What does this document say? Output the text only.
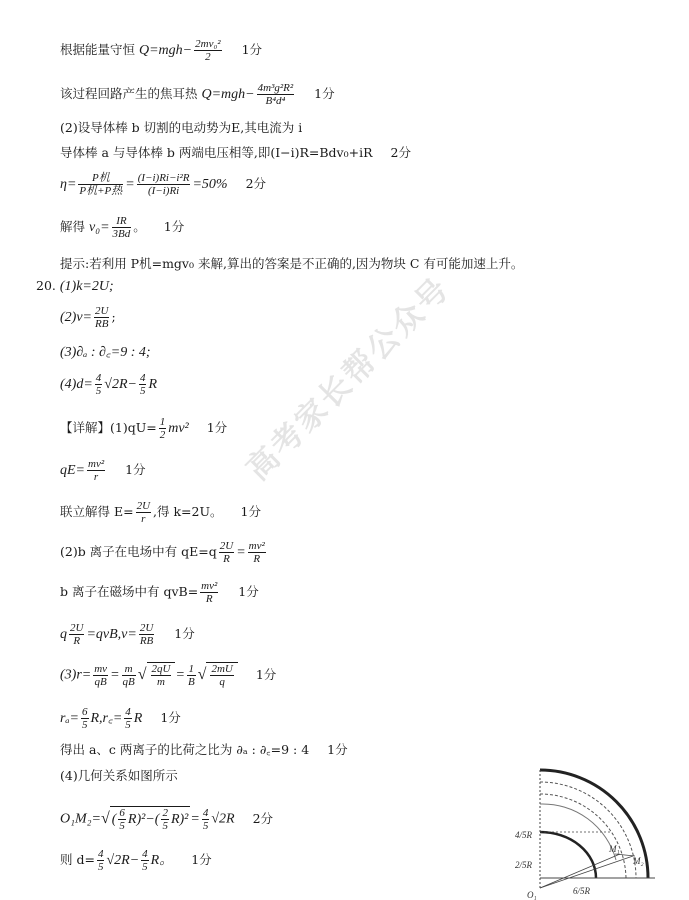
高考家长帮公众号
根据能量守恒 $Q=mgh- \frac{\text{2mv₀²}}{2} 1$分
该过程回路产生的焦耳热 $Q=mgh- \frac{\text{4m³g²R²}}{\text{B⁴d⁴}} 1$分
(2)设导体棒 b 切割的电动势为E,其电流为 i
导体棒 a 与导体棒 b 两端电压相等,即(I−i)R=Bdv₀+iR 2分
$\eta= \frac{\text{P机}}{\text{P机+P热}} = \frac{\text{(I−i)Ri−i²R}}{(I-i)Ri} =50\%$ 2分
解得 $v_0= \frac{IR}{3Bd}$ 。 1分
提示:若利用 P机=mgv₀ 来解,算出的答案是不正确的,因为物块 C 有可能加速上升。
20. (1)k=2U;
$(2)v= \frac{2U}{RB}$ ;
(3)∂ₐ : ∂꜀=9 : 4;
$(4)d= \frac{4}{5} √2R- \frac{4}{5}$ R
【详解】$(1)qU= \frac{1}{2} mv^2$ 1分
$qE= \frac{\text{mv²}}{r} 1$分
联立解得 $E= \frac{2U}{r}$ ,得 k=2U。 1分
(2)b 离子在电场中有 $qE=q \frac{2U}{R} = \frac{\text{mv²}}{R}$
b 离子在磁场中有 $qvB= \frac{\text{mv²}}{R} 1$分
q $\frac{2U}{R} =qvB,v= \frac{2U}{RB} 1$分
$(3)r= \frac{mv}{qB} = \frac{m}{qB}$ √ $\frac{2qU}{m} = \frac{1}{B}$ √ $\frac{2mU}{q} 1$分
$r_a= \frac{6}{5}$ R,r꜀= $\frac{4}{5}$ R 1分
得出 a、c 两离子的比荷之比为 ∂ₐ : ∂꜀=9 : 4 1分
(4)几何关系如图所示
O₁M₂=√ ( $\frac{6}{5} R)^2-( \frac{2}{5} R)^2 = \frac{4}{5} √2R$ 2分
则 $d= \frac{4}{5} √2R- \frac{4}{5}$ R。 1分
4/5R
2/5R
6/5R
O₁
M₁
M₂
